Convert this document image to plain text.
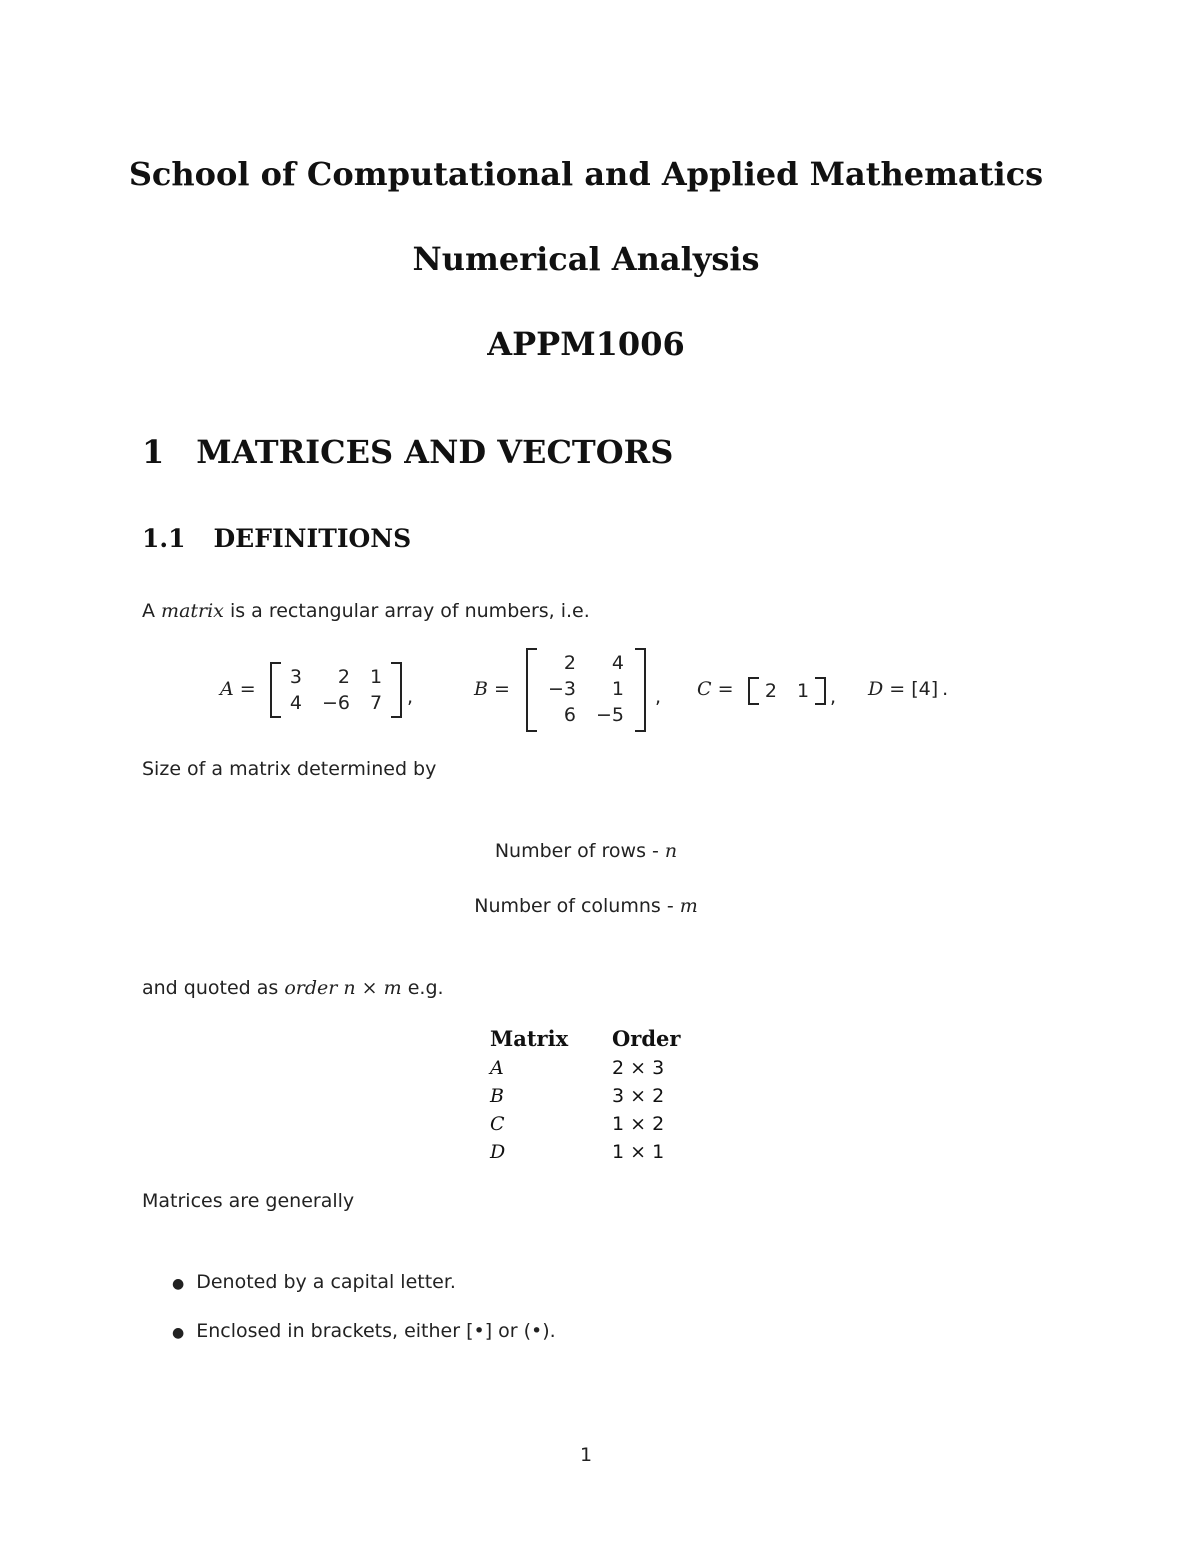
School of Computational and Applied Mathematics
Numerical Analysis
APPM1006
1 MATRICES AND VECTORS
1.1 DEFINITIONS
A matrix is a rectangular array of numbers, i.e.
A =
3	2	1
4	−6	7 ,	B =
2	4
−3	1
6	−5
, C = 2	1 , D = [4] .
Size of a matrix determined by
Number of rows - n
Number of columns - m
and quoted as order n × m e.g.
Matrix	Order
A	2 × 3
B	3 × 2
C	1 × 2
D	1 × 1
Matrices are generally
● Denoted by a capital letter.
● Enclosed in brackets, either [•] or (•).
1
